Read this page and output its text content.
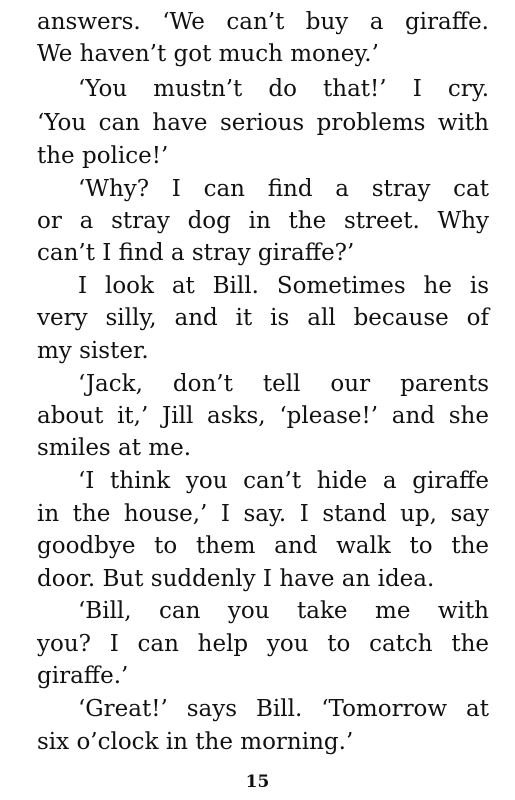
answers. ‘We can’t buy a giraffe.
We haven’t got much money.’
‘You mustn’t do that!’ I cry.
‘You can have serious problems with
the police!’
‘Why? I can find a stray cat
or a stray dog in the street. Why
can’t I find a stray giraffe?’
I look at Bill. Sometimes he is
very silly, and it is all because of
my sister.
‘Jack, don’t tell our parents
about it,’ Jill asks, ‘please!’ and she
smiles at me.
‘I think you can’t hide a giraffe
in the house,’ I say. I stand up, say
goodbye to them and walk to the
door. But suddenly I have an idea.
‘Bill, can you take me with
you? I can help you to catch the
giraffe.’
‘Great!’ says Bill. ‘Tomorrow at
six o’clock in the morning.’
15
